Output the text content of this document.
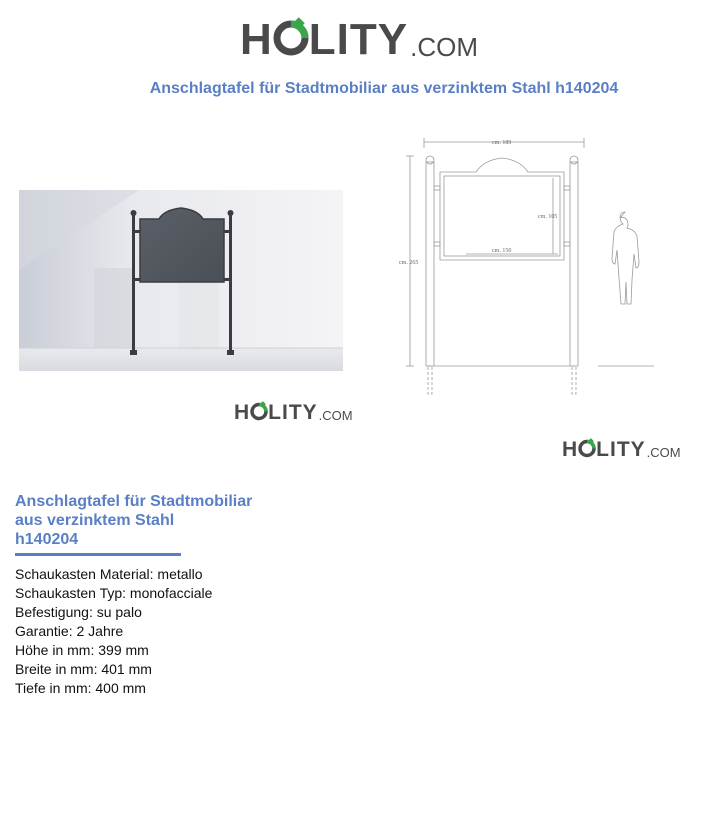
H LITY .COM
Anschlagtafel für Stadtmobiliar aus verzinktem Stahl h140204
cm. 189
cm. 265
cm. 150
cm. 105
H LITY .COM
H LITY .COM
Anschlagtafel für Stadtmobiliar
aus verzinktem Stahl
h140204
Schaukasten Material: metallo
Schaukasten Typ: monofacciale
Befestigung: su palo
Garantie: 2 Jahre
Höhe in mm: 399 mm
Breite in mm: 401 mm
Tiefe in mm: 400 mm
